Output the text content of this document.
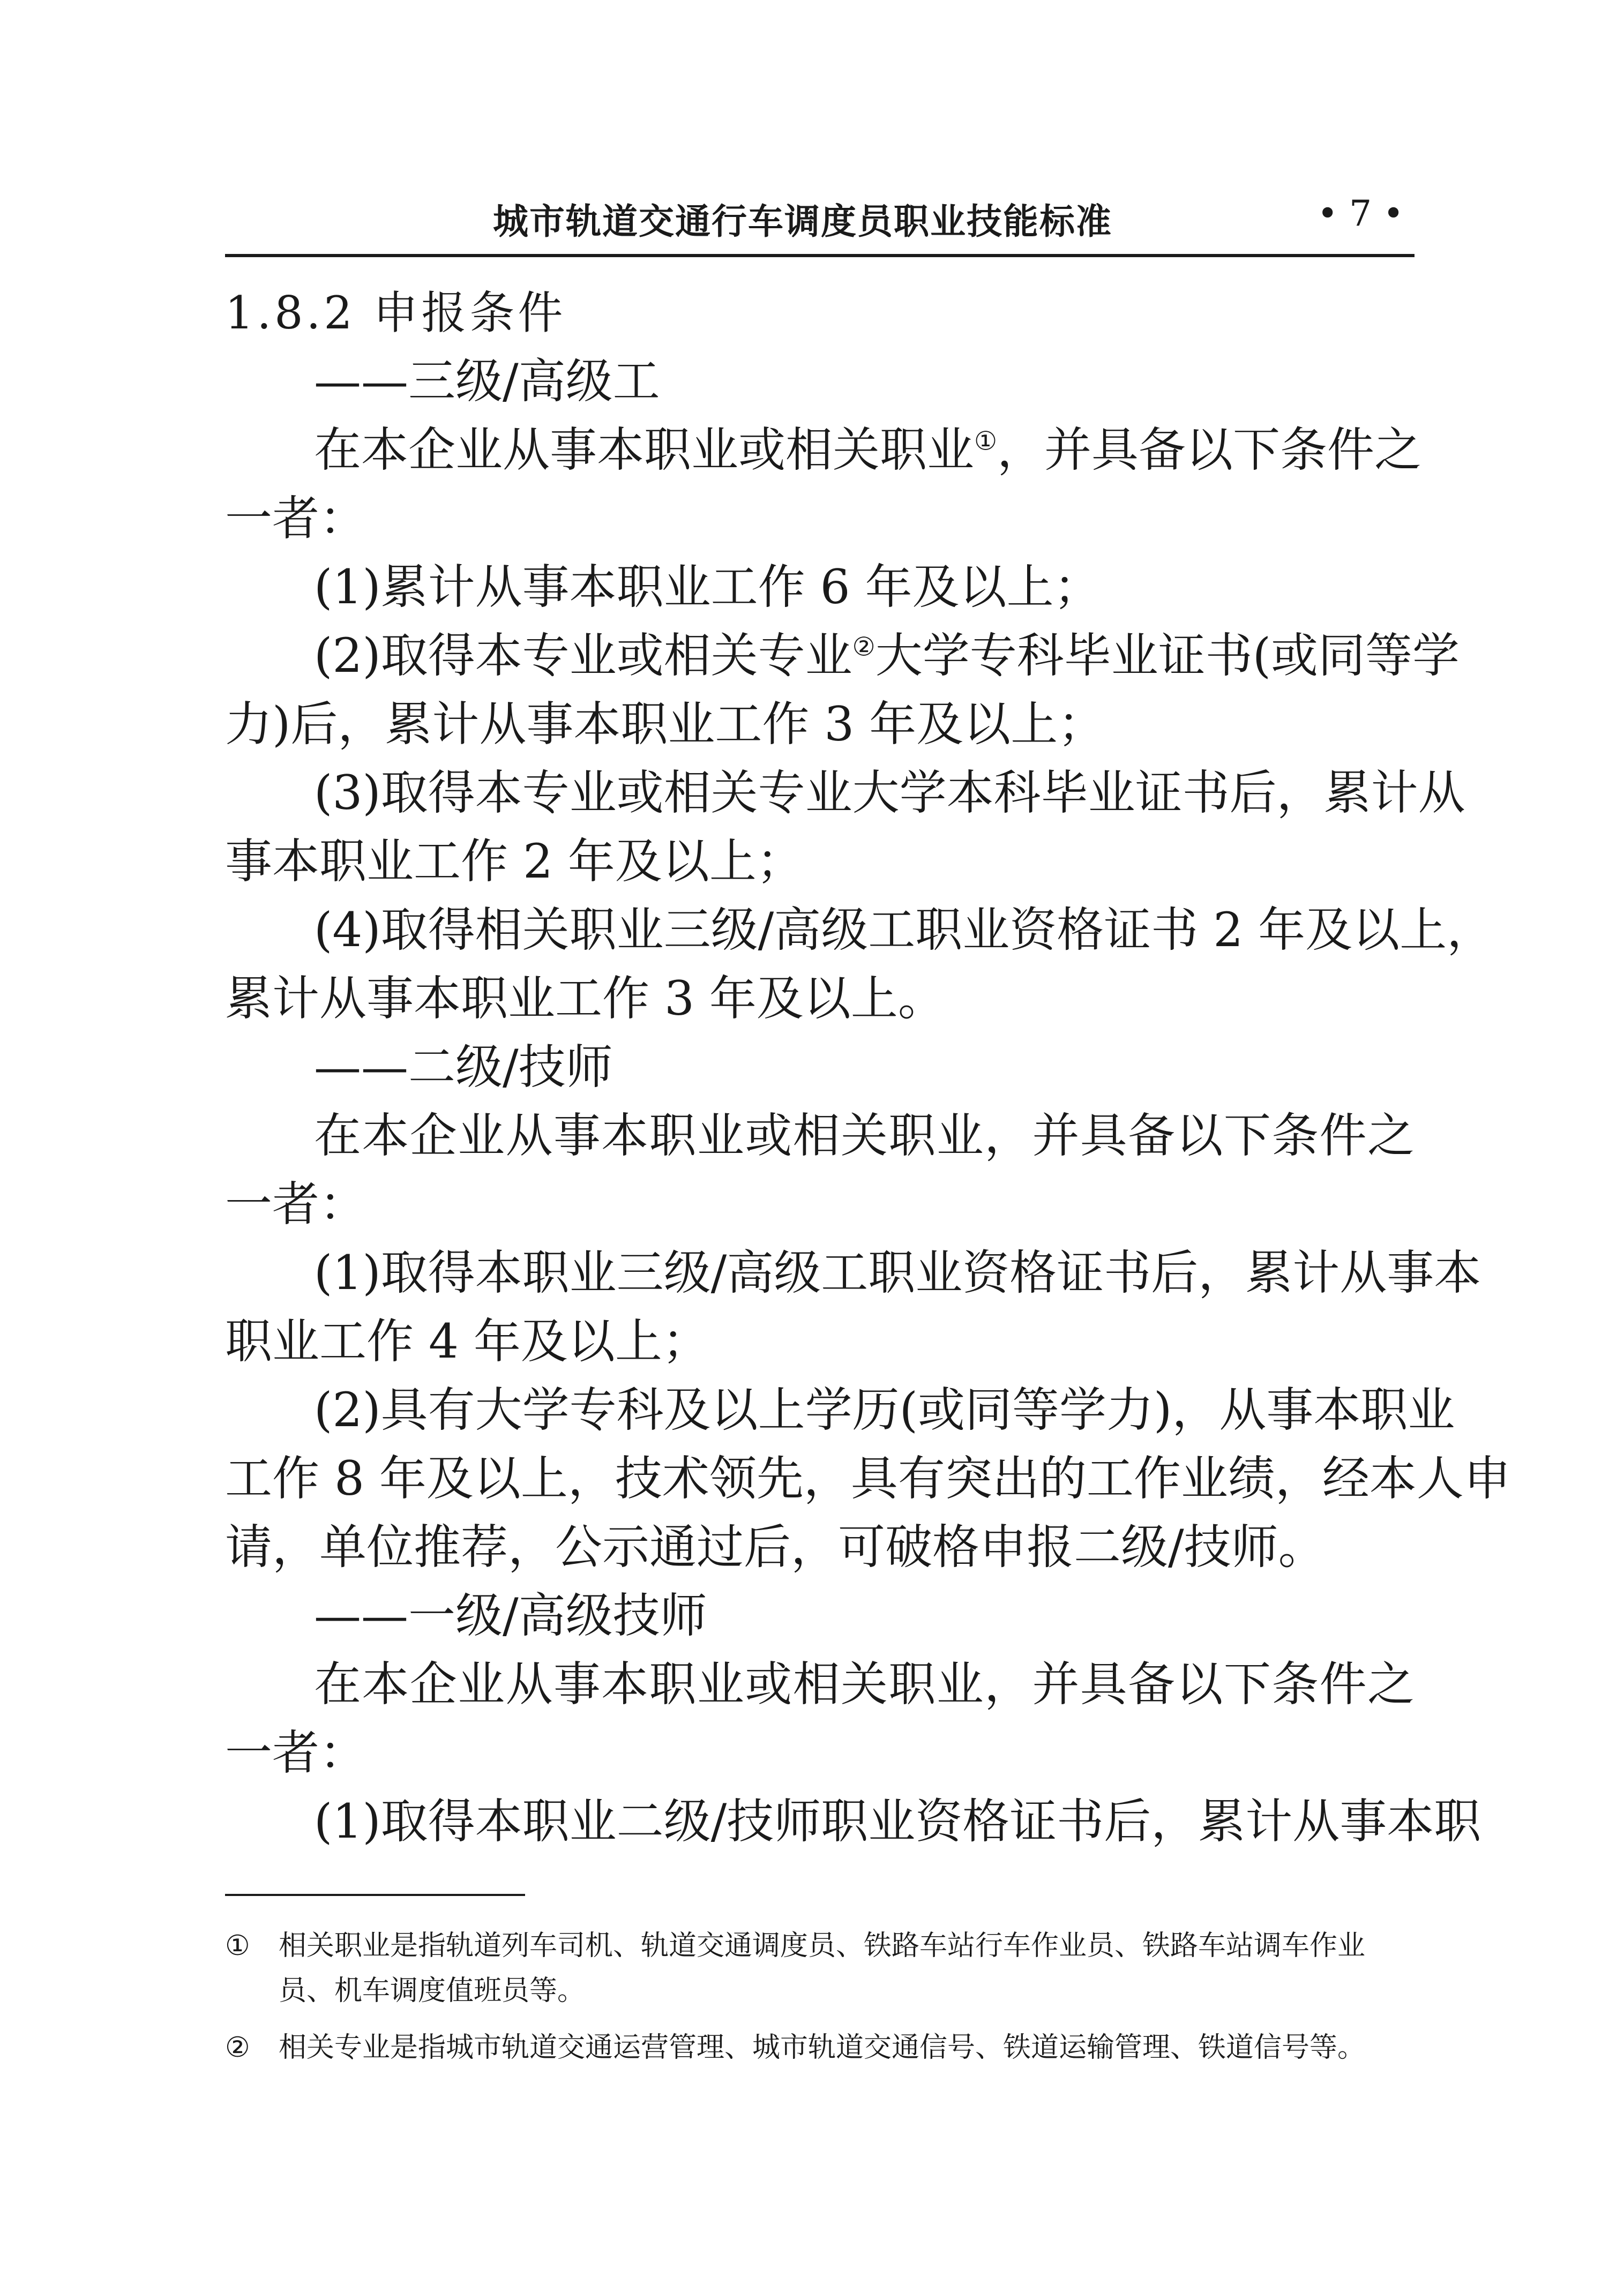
城市轨道交通行车调度员职业技能标准	• 7 •
1.8.2 申报条件
——三级/高级工
在本企业从事本职业或相关职业①，并具备以下条件之
一者：
(1)累计从事本职业工作 6 年及以上；
(2)取得本专业或相关专业②大学专科毕业证书(或同等学
力)后，累计从事本职业工作 3 年及以上；
(3)取得本专业或相关专业大学本科毕业证书后，累计从
事本职业工作 2 年及以上；
(4)取得相关职业三级/高级工职业资格证书 2 年及以上，
累计从事本职业工作 3 年及以上。
——二级/技师
在本企业从事本职业或相关职业，并具备以下条件之
一者：
(1)取得本职业三级/高级工职业资格证书后，累计从事本
职业工作 4 年及以上；
(2)具有大学专科及以上学历(或同等学力)，从事本职业
工作 8 年及以上，技术领先，具有突出的工作业绩，经本人申
请，单位推荐，公示通过后，可破格申报二级/技师。
——一级/高级技师
在本企业从事本职业或相关职业，并具备以下条件之
一者：
(1)取得本职业二级/技师职业资格证书后，累计从事本职
① 相关职业是指轨道列车司机、轨道交通调度员、铁路车站行车作业员、铁路车站调车作业
员、机车调度值班员等。
② 相关专业是指城市轨道交通运营管理、城市轨道交通信号、铁道运输管理、铁道信号等。
